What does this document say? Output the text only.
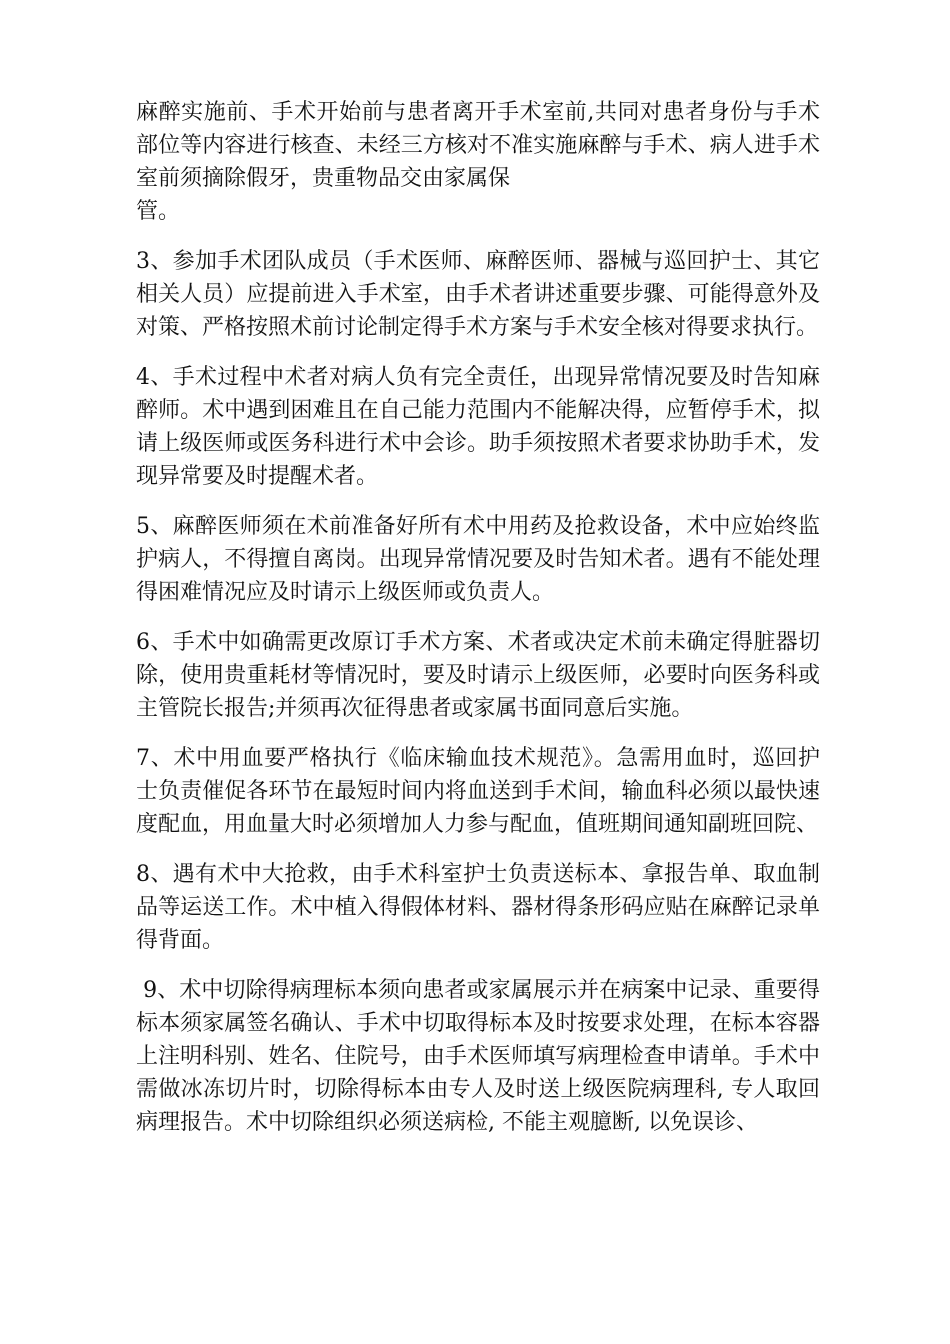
麻醉实施前、手术开始前与患者离开手术室前,共同对患者身份与手术部位等内容进行核查、未经三方核对不准实施麻醉与手术、病人进手术室前须摘除假牙，贵重物品交由家属保
管。

3、参加手术团队成员（手术医师、麻醉医师、器械与巡回护士、其它相关人员）应提前进入手术室，由手术者讲述重要步骤、可能得意外及对策、严格按照术前讨论制定得手术方案与手术安全核对得要求执行。

4、手术过程中术者对病人负有完全责任，出现异常情况要及时告知麻醉师。术中遇到困难且在自己能力范围内不能解决得，应暂停手术，拟请上级医师或医务科进行术中会诊。助手须按照术者要求协助手术，发现异常要及时提醒术者。

5、麻醉医师须在术前准备好所有术中用药及抢救设备，术中应始终监护病人，不得擅自离岗。出现异常情况要及时告知术者。遇有不能处理得困难情况应及时请示上级医师或负责人。

6、手术中如确需更改原订手术方案、术者或决定术前未确定得脏器切除，使用贵重耗材等情况时，要及时请示上级医师，必要时向医务科或主管院长报告;并须再次征得患者或家属书面同意后实施。

7、术中用血要严格执行《临床输血技术规范》。急需用血时，巡回护士负责催促各环节在最短时间内将血送到手术间，输血科必须以最快速度配血，用血量大时必须增加人力参与配血，值班期间通知副班回院、

8、遇有术中大抢救，由手术科室护士负责送标本、拿报告单、取血制品等运送工作。术中植入得假体材料、器材得条形码应贴在麻醉记录单得背面。

9、术中切除得病理标本须向患者或家属展示并在病案中记录、重要得标本须家属签名确认、手术中切取得标本及时按要求处理，在标本容器上注明科别、姓名、住院号，由手术医师填写病理检查申请单。手术中需做冰冻切片时，切除得标本由专人及时送上级医院病理科, 专人取回病理报告。术中切除组织必须送病检, 不能主观臆断, 以免误诊、
